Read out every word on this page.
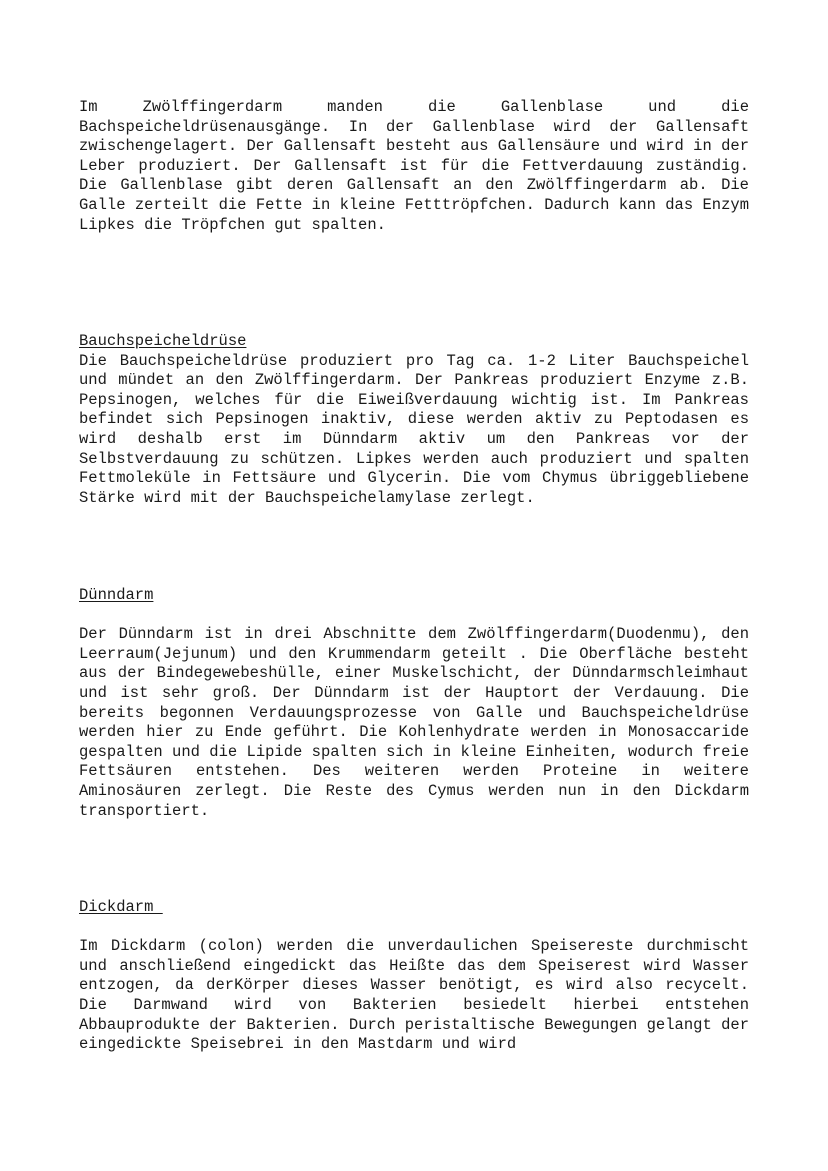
Im Zwölffingerdarm manden die Gallenblase und die Bachspeicheldrüsenausgänge. In der Gallenblase wird der Gallensaft zwischengelagert. Der Gallensaft besteht aus Gallensäure und wird in der Leber produziert. Der Gallensaft ist für die Fettverdauung zuständig. Die Gallenblase gibt deren Gallensaft an den Zwölffingerdarm ab. Die Galle zerteilt die Fette in kleine Fetttröpfchen. Dadurch kann das Enzym Lipkes die Tröpfchen gut spalten.

Bauchspeicheldrüse

Die Bauchspeicheldrüse produziert pro Tag ca. 1-2 Liter Bauchspeichel und mündet an den Zwölffingerdarm. Der Pankreas produziert Enzyme z.B. Pepsinogen, welches für die Eiweißverdauung wichtig ist. Im Pankreas befindet sich Pepsinogen inaktiv, diese werden aktiv zu Peptodasen es wird deshalb erst im Dünndarm aktiv um den Pankreas vor der Selbstverdauung zu schützen. Lipkes werden auch produziert und spalten Fettmoleküle in Fettsäure und Glycerin. Die vom Chymus übriggebliebene Stärke wird mit der Bauchspeichelamylase zerlegt.

Dünndarm

Der Dünndarm ist in drei Abschnitte dem Zwölffingerdarm(Duodenmu), den Leerraum(Jejunum) und den Krummendarm geteilt . Die Oberfläche besteht aus der Bindegewebeshülle, einer Muskelschicht, der Dünndarmschleimhaut und ist sehr groß. Der Dünndarm ist der Hauptort der Verdauung. Die bereits begonnen Verdauungsprozesse von Galle und Bauchspeicheldrüse werden hier zu Ende geführt. Die Kohlenhydrate werden in Monosaccaride gespalten und die Lipide spalten sich in kleine Einheiten, wodurch freie Fettsäuren entstehen. Des weiteren werden Proteine in weitere Aminosäuren zerlegt. Die Reste des Cymus werden nun in den Dickdarm transportiert.

Dickdarm

Im Dickdarm (colon) werden die unverdaulichen Speisereste durchmischt und anschließend eingedickt das Heißte das dem Speiserest wird Wasser entzogen, da derKörper dieses Wasser benötigt, es wird also recycelt. Die Darmwand wird von Bakterien besiedelt hierbei entstehen Abbauprodukte der Bakterien. Durch peristaltische Bewegungen gelangt der eingedickte Speisebrei in den Mastdarm und wird
